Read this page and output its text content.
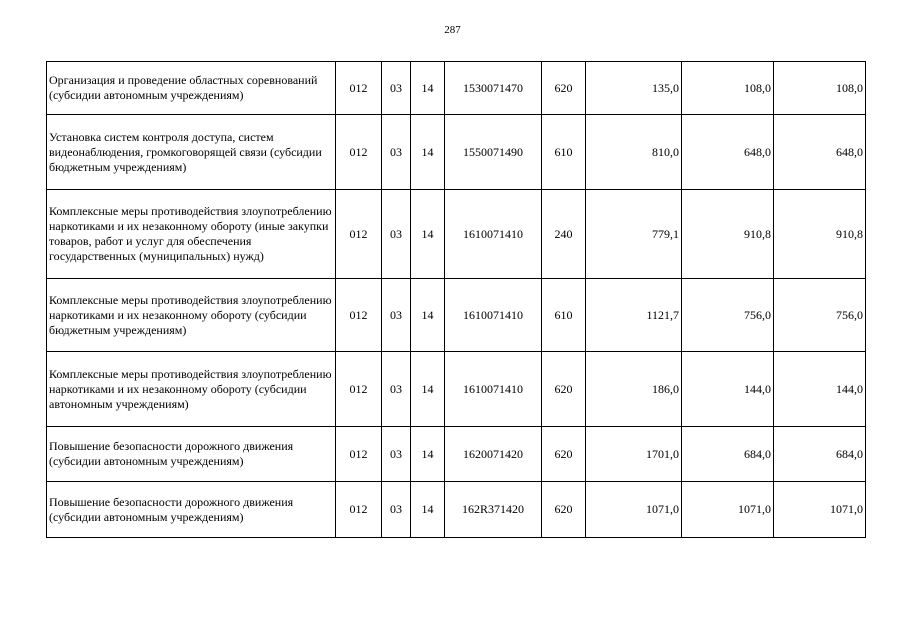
287
Организация и проведение областных соревнований (субсидии автономным учреждениям)	012	03	14	1530071470	620	135,0	108,0	108,0
Установка систем контроля доступа, систем видеонаблюдения, громкоговорящей связи (субсидии бюджетным учреждениям)	012	03	14	1550071490	610	810,0	648,0	648,0
Комплексные меры противодействия злоупотреблению наркотиками и их незаконному обороту (иные закупки товаров, работ и услуг для обеспечения государственных (муниципальных) нужд)	012	03	14	1610071410	240	779,1	910,8	910,8
Комплексные меры противодействия злоупотреблению наркотиками и их незаконному обороту (субсидии бюджетным учреждениям)	012	03	14	1610071410	610	1121,7	756,0	756,0
Комплексные меры противодействия злоупотреблению наркотиками и их незаконному обороту (субсидии автономным учреждениям)	012	03	14	1610071410	620	186,0	144,0	144,0
Повышение безопасности дорожного движения (субсидии автономным учреждениям)	012	03	14	1620071420	620	1701,0	684,0	684,0
Повышение безопасности дорожного движения (субсидии автономным учреждениям)	012	03	14	162R371420	620	1071,0	1071,0	1071,0
